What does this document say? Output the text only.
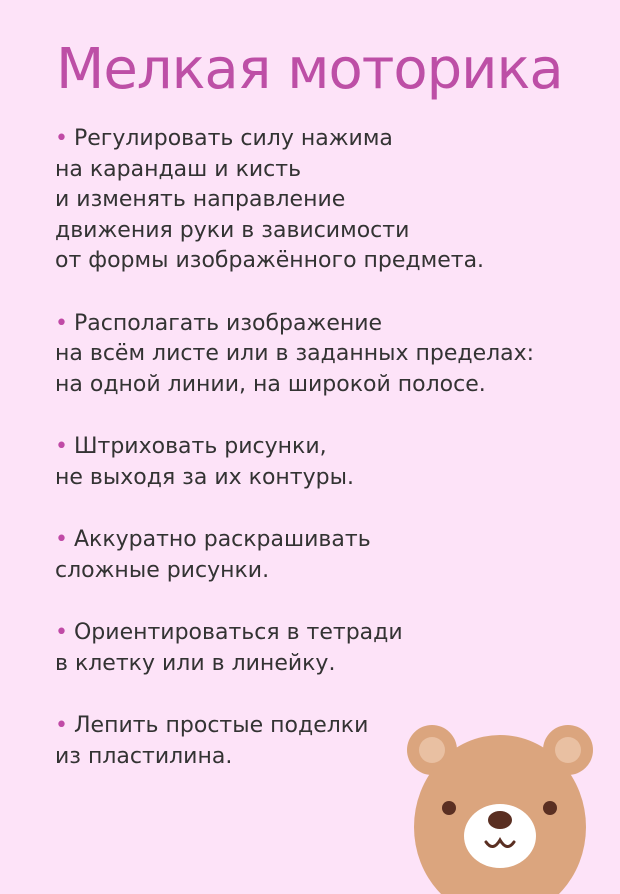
Мелкая моторика
• Регулировать силу нажима
на карандаш и кисть
и изменять направление
движения руки в зависимости
от формы изображённого предмета.
• Располагать изображение
на всём листе или в заданных пределах:
на одной линии, на широкой полосе.
• Штриховать рисунки,
не выходя за их контуры.
• Аккуратно раскрашивать
сложные рисунки.
• Ориентироваться в тетради
в клетку или в линейку.
• Лепить простые поделки
из пластилина.
